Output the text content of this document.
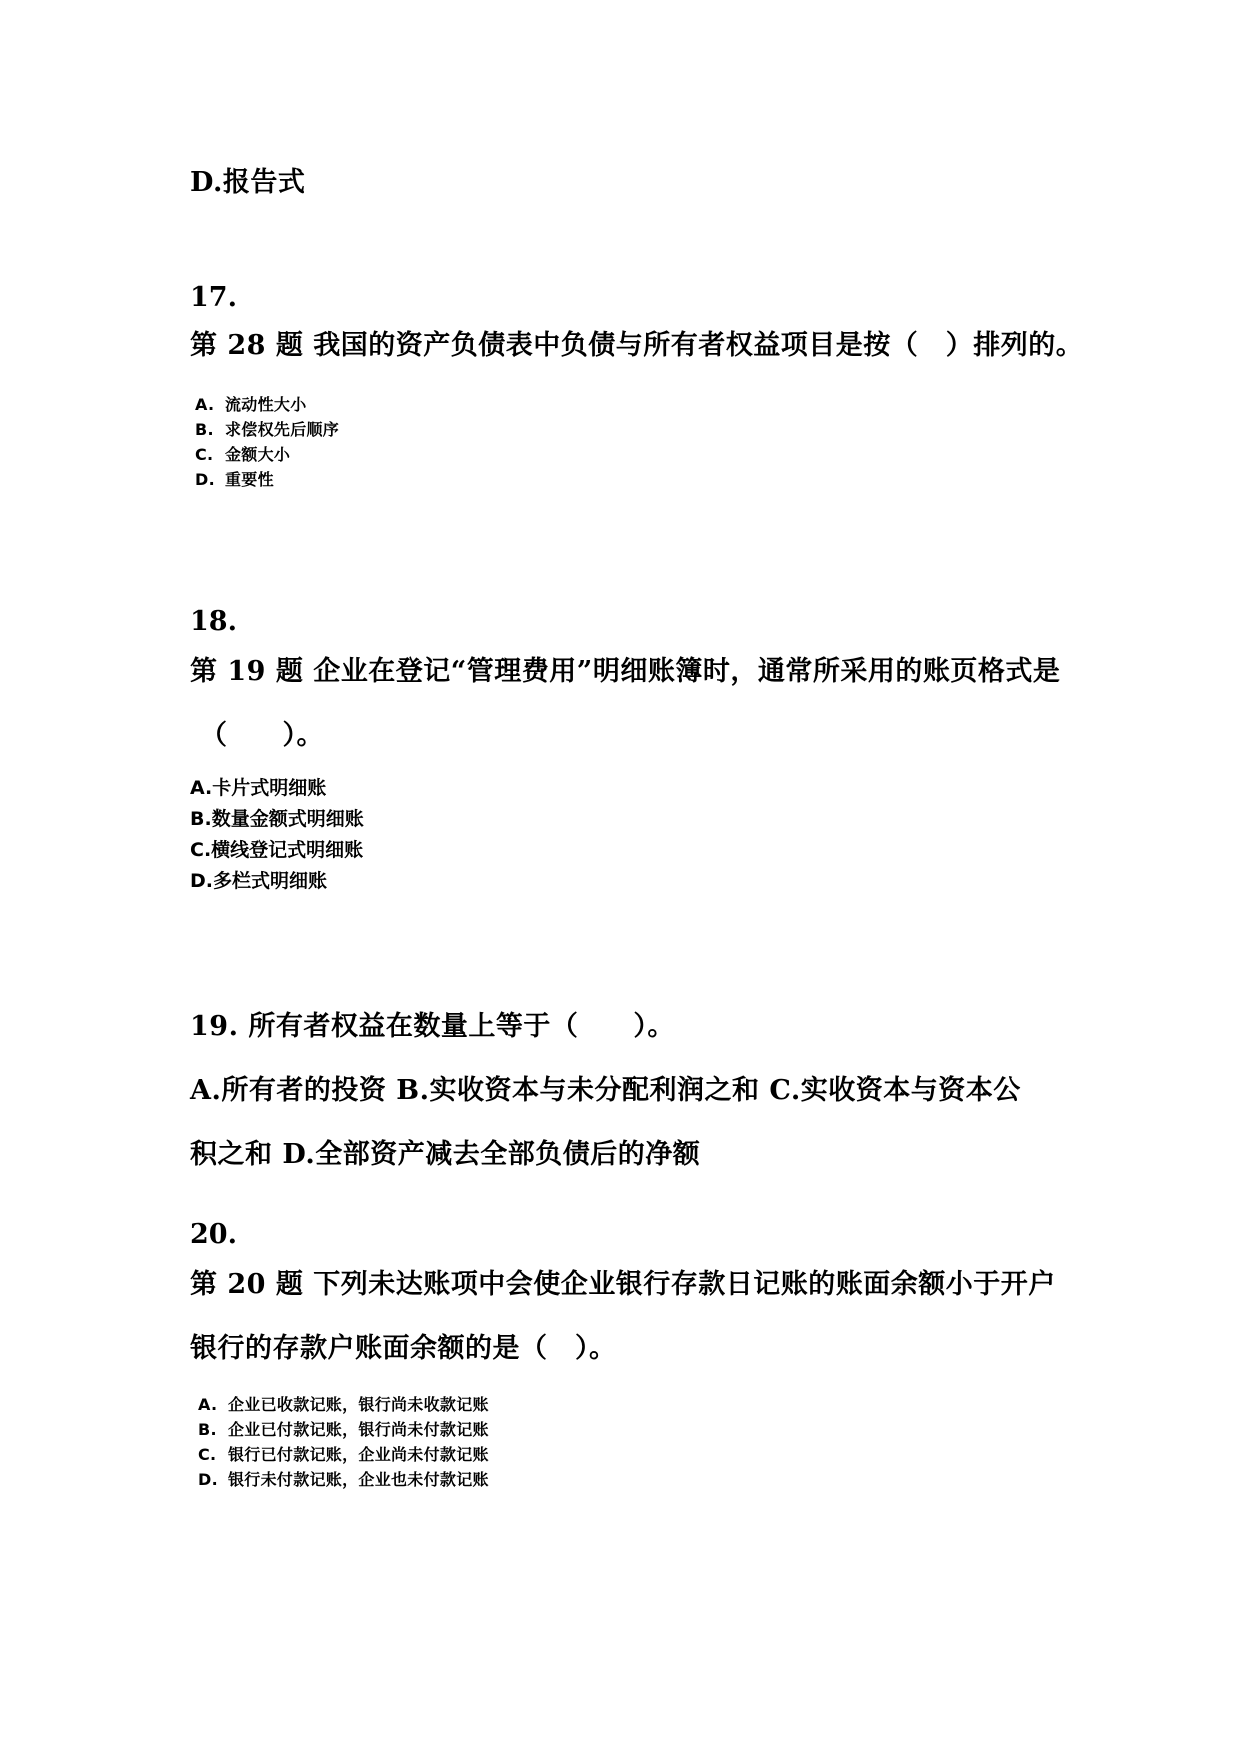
D.报告式

17.

第 28 题 我国的资产负债表中负债与所有者权益项目是按（　）排列的。

A. 流动性大小

B. 求偿权先后顺序

C. 金额大小

D. 重要性

18.

第 19 题 企业在登记“管理费用”明细账簿时，通常所采用的账页格式是

（　　）。

A.卡片式明细账

B.数量金额式明细账

C.横线登记式明细账

D.多栏式明细账

19. 所有者权益在数量上等于（　　）。

A.所有者的投资 B.实收资本与未分配利润之和 C.实收资本与资本公

积之和 D.全部资产减去全部负债后的净额

20.

第 20 题 下列未达账项中会使企业银行存款日记账的账面余额小于开户

银行的存款户账面余额的是（　）。

A. 企业已收款记账，银行尚未收款记账

B. 企业已付款记账，银行尚未付款记账

C. 银行已付款记账，企业尚未付款记账

D. 银行未付款记账，企业也未付款记账
